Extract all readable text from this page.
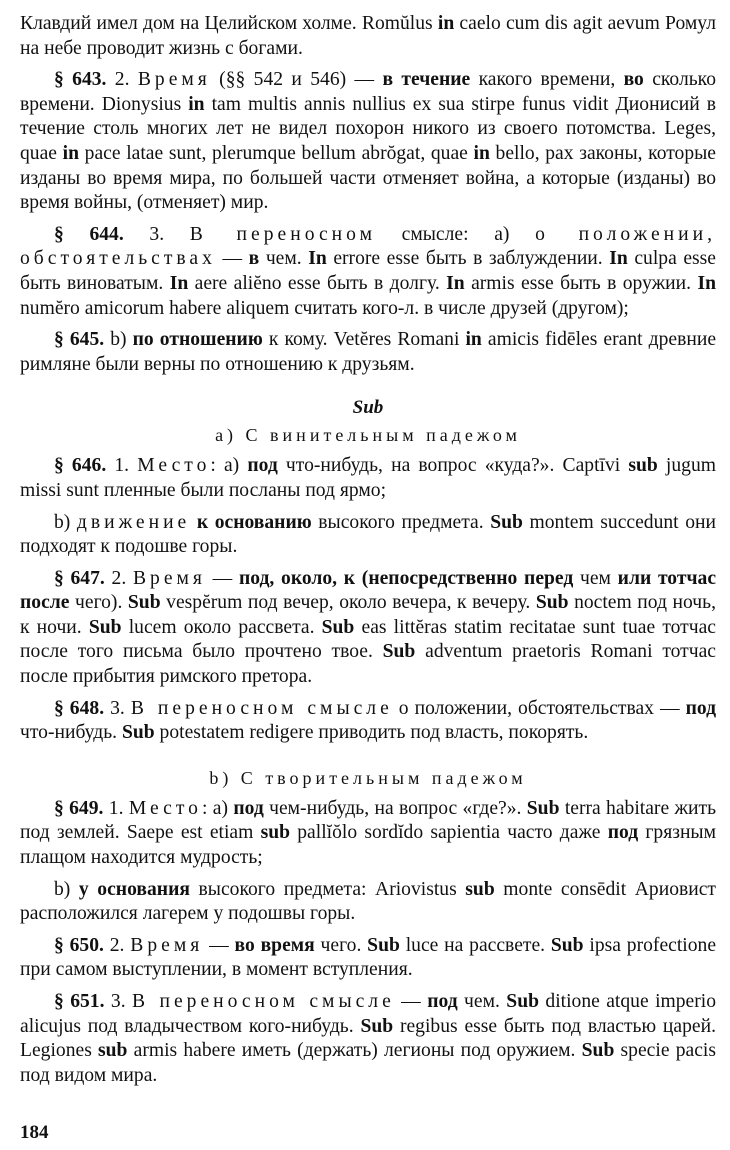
Клавдий имел дом на Целийском холме. Romŭlus in caelo cum dis agit aevum Ромул на небе проводит жизнь с богами.

§ 643. 2. Время (§§ 542 и 546) — в течение какого времени, во сколько времени. Dionysius in tam multis annis nullius ex sua stirpe funus vidit Дионисий в течение столь многих лет не видел похорон никого из своего потомства. Leges, quae in pace latae sunt, plerumque bellum abrŏgat, quae in bello, pax законы, которые изданы во время мира, по большей части отменяет война, а которые (изданы) во время войны, (отменяет) мир.

§ 644. 3. В переносном смысле: а) о положении, обстоятельствах — в чем. In errore esse быть в заблуждении. In culpa esse быть виноватым. In aere aliĕno esse быть в долгу. In armis esse быть в оружии. In numĕro amicorum habere aliquem считать кого-л. в числе друзей (другом);

§ 645. b) по отношению к кому. Vetĕres Romani in amicis fidēles erant древние римляне были верны по отношению к друзьям.

Sub
а) С винительным падежом

§ 646. 1. Место: а) под что-нибудь, на вопрос «куда?». Captīvi sub jugum missi sunt пленные были посланы под ярмо;

b) движение к основанию высокого предмета. Sub montem succedunt они подходят к подошве горы.

§ 647. 2. Время — под, около, к (непосредственно перед чем или тотчас после чего). Sub vespĕrum под вечер, около вечера, к вечеру. Sub noctem под ночь, к ночи. Sub lucem около рассвета. Sub eas littĕras statim recitatae sunt tuae тотчас после того письма было прочтено твое. Sub adventum praetoris Romani тотчас после прибытия римского претора.

§ 648. 3. В переносном смысле о положении, обстоятельствах — под что-нибудь. Sub potestatem redigere приводить под власть, покорять.

b) С творительным падежом

§ 649. 1. Место: а) под чем-нибудь, на вопрос «где?». Sub terra habitare жить под землей. Saepe est etiam sub pallĭŏlo sordĭdo sapientia часто даже под грязным плащом находится мудрость;

b) у основания высокого предмета: Ariovistus sub monte consēdit Ариовист расположился лагерем у подошвы горы.

§ 650. 2. Время — во время чего. Sub luce на рассвете. Sub ipsa profectione при самом выступлении, в момент вступления.

§ 651. 3. В переносном смысле — под чем. Sub ditione atque imperio alicujus под владычеством кого-нибудь. Sub regibus esse быть под властью царей. Legiones sub armis habere иметь (держать) легионы под оружием. Sub specie pacis под видом мира.

184
